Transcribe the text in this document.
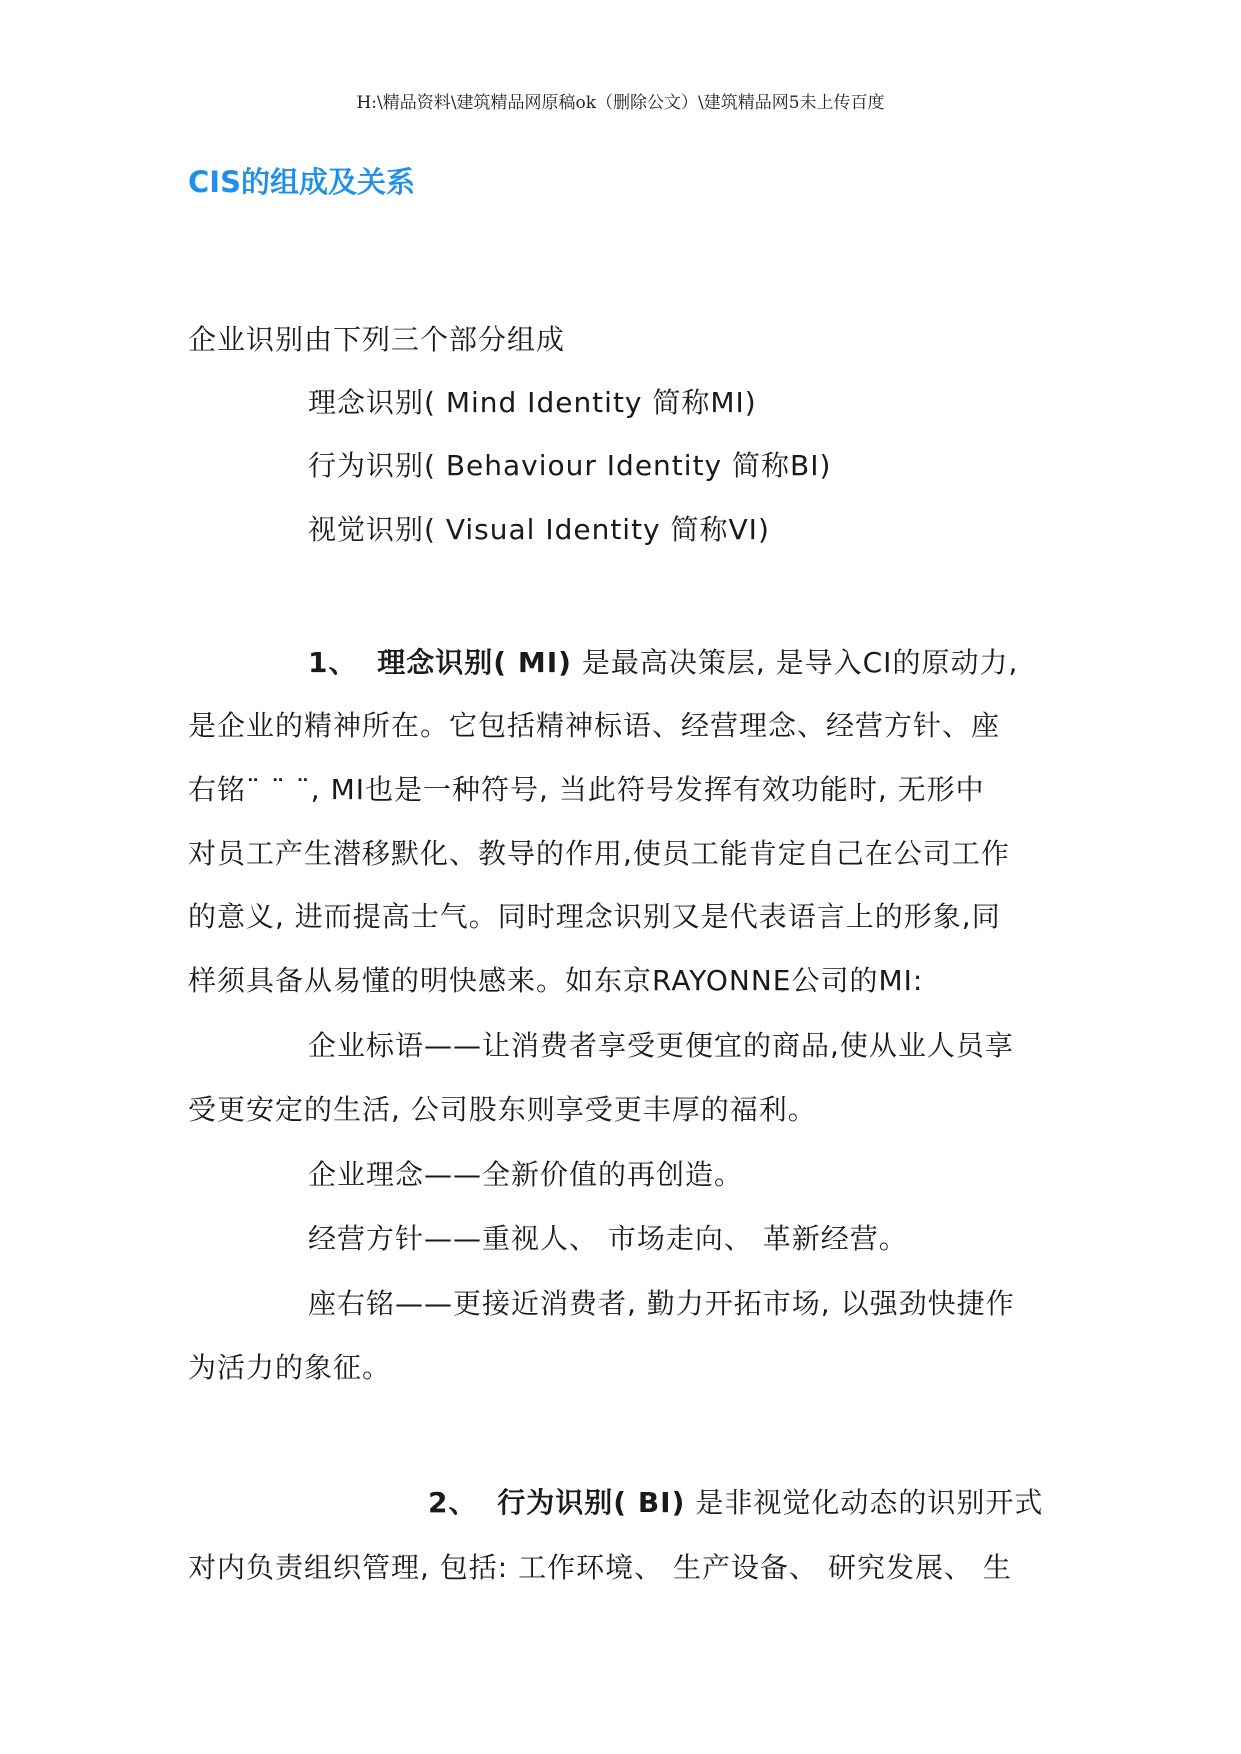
H:\精品资料\建筑精品网原稿ok（删除公文）\建筑精品网5未上传百度
CIS的组成及关系
企业识别由下列三个部分组成
理念识别( Mind Identity 简称MI)
行为识别( Behaviour Identity 简称BI)
视觉识别( Visual Identity 简称VI)
1、 理念识别( MI) 是最高决策层, 是导入CI的原动力,
是企业的精神所在。它包括精神标语、经营理念、经营方针、座
右铭¨ ¨ ¨, MI也是一种符号, 当此符号发挥有效功能时, 无形中
对员工产生潜移默化、教导的作用,使员工能肯定自己在公司工作
的意义, 进而提高士气。同时理念识别又是代表语言上的形象,同
样须具备从易懂的明快感来。如东京RAYONNE公司的MI:
企业标语——让消费者享受更便宜的商品,使从业人员享
受更安定的生活, 公司股东则享受更丰厚的福利。
企业理念——全新价值的再创造。
经营方针——重视人、 市场走向、 革新经营。
座右铭——更接近消费者, 勤力开拓市场, 以强劲快捷作
为活力的象征。
2、 行为识别( BI) 是非视觉化动态的识别开式
对内负责组织管理, 包括: 工作环境、 生产设备、 研究发展、 生
